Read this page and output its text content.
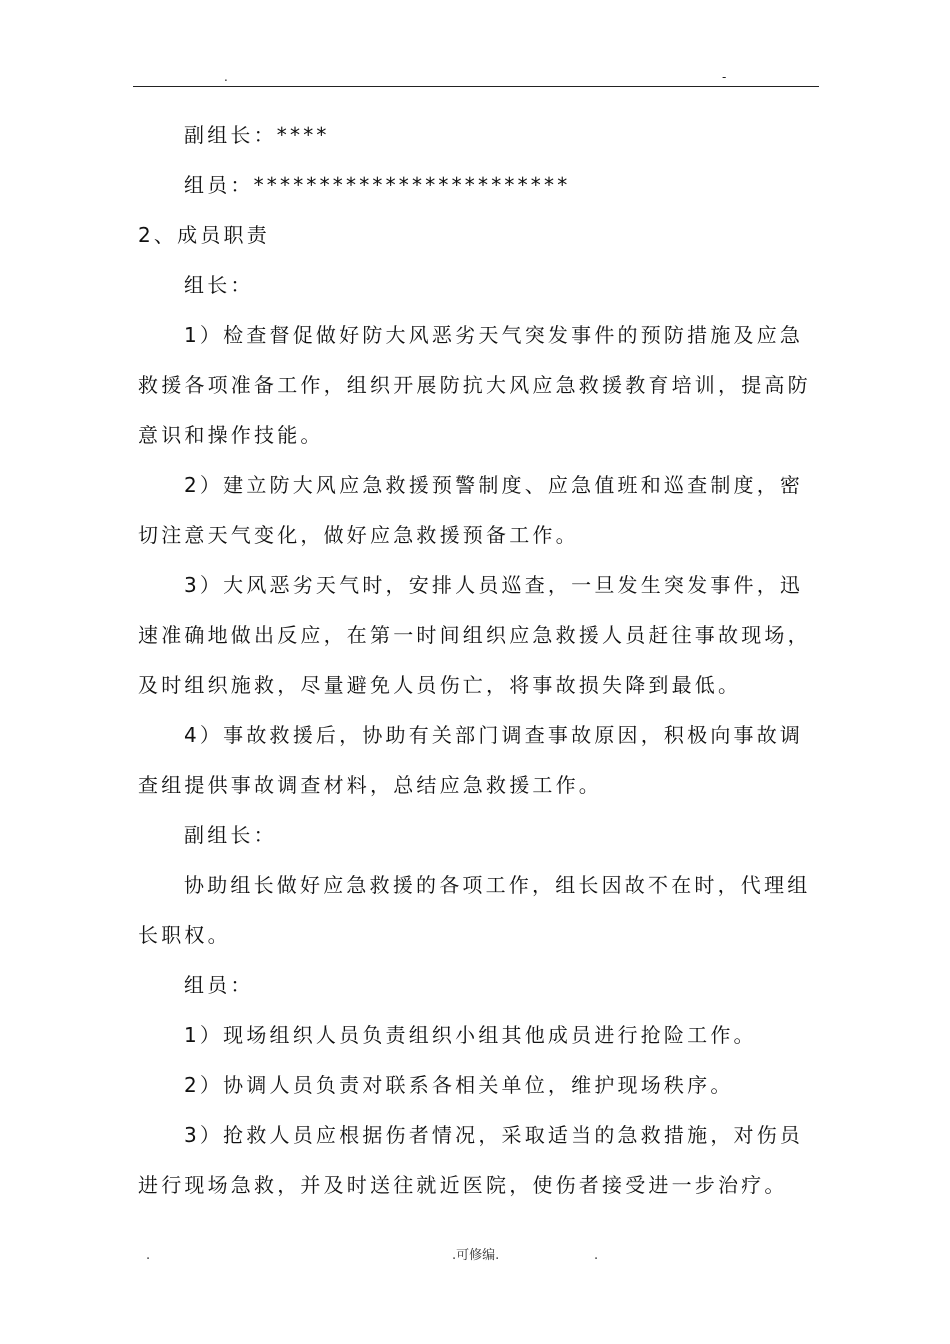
.	-

副组长：****

组员：************************

2、成员职责

组长：

1）检查督促做好防大风恶劣天气突发事件的预防措施及应急救援各项准备工作，组织开展防抗大风应急救援教育培训，提高防意识和操作技能。

2）建立防大风应急救援预警制度、应急值班和巡查制度，密切注意天气变化，做好应急救援预备工作。

3）大风恶劣天气时，安排人员巡查，一旦发生突发事件，迅速准确地做出反应，在第一时间组织应急救援人员赶往事故现场，及时组织施救，尽量避免人员伤亡，将事故损失降到最低。

4）事故救援后，协助有关部门调查事故原因，积极向事故调查组提供事故调查材料，总结应急救援工作。

副组长：

协助组长做好应急救援的各项工作，组长因故不在时，代理组长职权。

组员：

1）现场组织人员负责组织小组其他成员进行抢险工作。

2）协调人员负责对联系各相关单位，维护现场秩序。

3）抢救人员应根据伤者情况，采取适当的急救措施，对伤员进行现场急救，并及时送往就近医院，使伤者接受进一步治疗。

.	.可修编.	.
